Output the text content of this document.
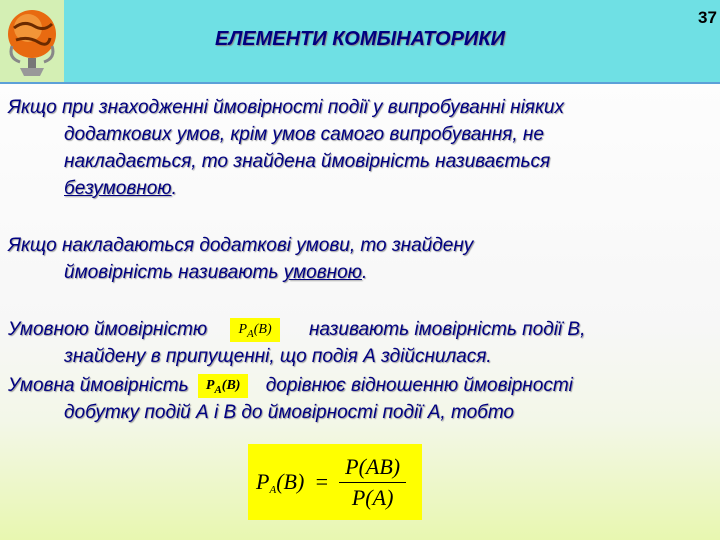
ЕЛЕМЕНТИ КОМБІНАТОРИКИ
37
Якщо при знаходженні ймовірності події у випробуванні ніяких
додаткових умов, крім умов самого випробування, не
накладається, то знайдена ймовірність називається
безумовною.
Якщо накладаються додаткові умови, то знайдену
ймовірність називають умовною.
Умовною ймовірністю $P_A(B)$ називають імовірність події В,
знайдену в припущенні, що подія А здійснилася.
Умовна ймовірність $P_A(B)$ дорівнює відношенню ймовірності
добутку подій А і В до ймовірності події А, тобто
$P_A(B) = \frac{P(AB)}{P(A)}$
